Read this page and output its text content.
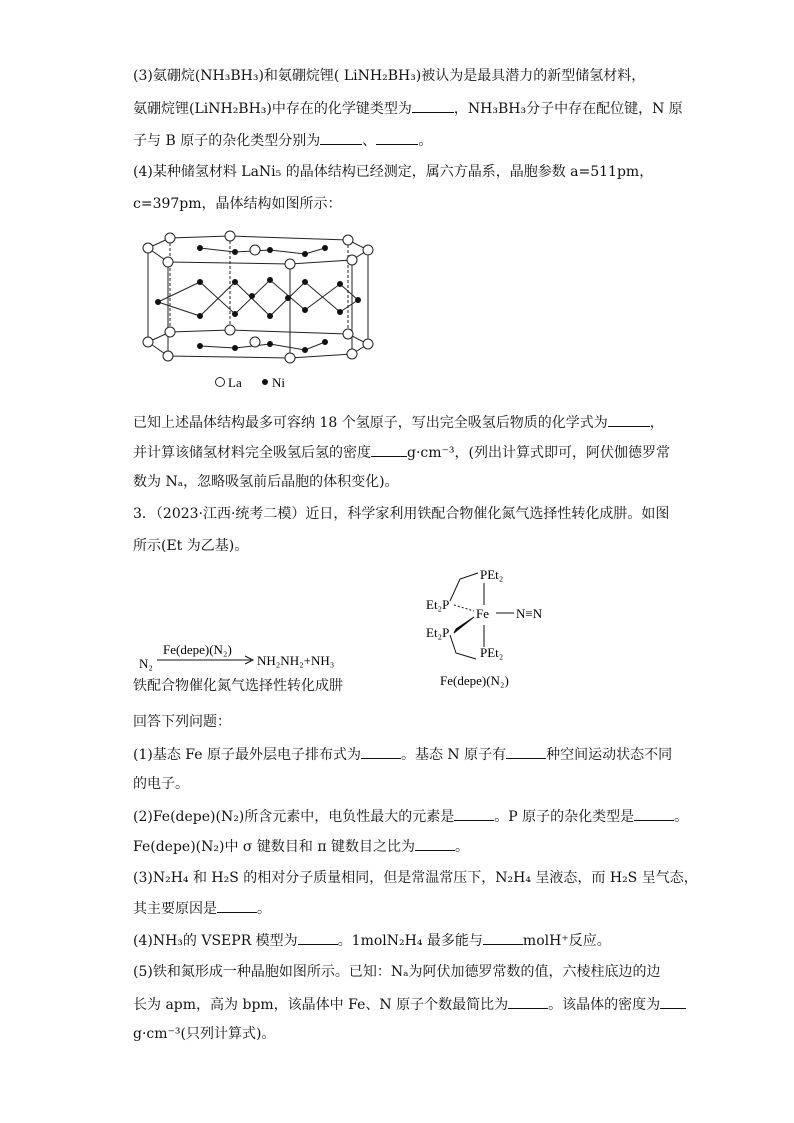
(3)氨硼烷(NH₃BH₃)和氨硼烷锂( LiNH₂BH₃)被认为是最具潜力的新型储氢材料，
氨硼烷锂(LiNH₂BH₃)中存在的化学键类型为	，NH₃BH₃分子中存在配位键，N 原
子与 B 原子的杂化类型分别为	、	。
(4)某种储氢材料 LaNi₅ 的晶体结构已经测定，属六方晶系，晶胞参数 a=511pm，
c=397pm，晶体结构如图所示：
La Ni
已知上述晶体结构最多可容纳 18 个氢原子，写出完全吸氢后物质的化学式为	，
并计算该储氢材料完全吸氢后氢的密度	g·cm⁻³，(列出计算式即可，阿伏伽德罗常
数为 Nₐ，忽略吸氢前后晶胞的体积变化)。
3．（2023·江西·统考二模）近日，科学家利用铁配合物催化氮气选择性转化成肼。如图
所示(Et 为乙基)。
Fe(depe)(N₂)
N₂	NH₂NH₂+NH₃
铁配合物催化氮气选择性转化成肼
PEt₂
Et₂P
Fe N≡N
Et₂P
PEt₂
Fe(depe)(N₂)
回答下列问题：
(1)基态 Fe 原子最外层电子排布式为	。基态 N 原子有	种空间运动状态不同
的电子。
(2)Fe(depe)(N₂)所含元素中，电负性最大的元素是	。P 原子的杂化类型是	。
Fe(depe)(N₂)中 σ 键数目和 π 键数目之比为	。
(3)N₂H₄ 和 H₂S 的相对分子质量相同，但是常温常压下，N₂H₄ 呈液态，而 H₂S 呈气态，
其主要原因是	。
(4)NH₃的 VSEPR 模型为	。1molN₂H₄ 最多能与	molH⁺反应。
(5)铁和氮形成一种晶胞如图所示。已知：Nₐ为阿伏加德罗常数的值，六棱柱底边的边
长为 apm，高为 bpm，该晶体中 Fe、N 原子个数最简比为	。该晶体的密度为
g·cm⁻³(只列计算式)。
